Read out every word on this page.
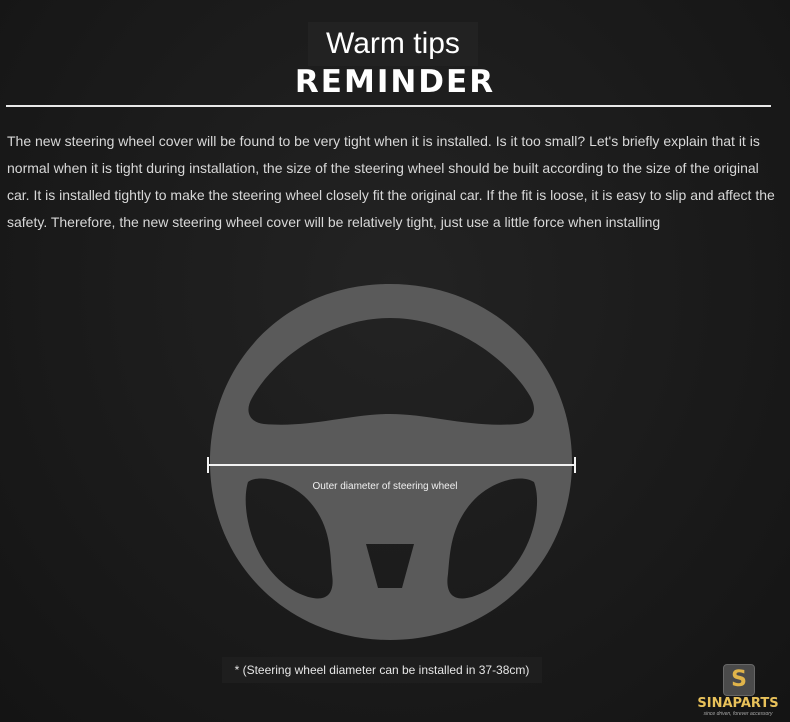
Warm tips
REMINDER

The new steering wheel cover will be found to be very tight when it is installed. Is it too small? Let's briefly explain that it is normal when it is tight during installation, the size of the steering wheel should be built according to the size of the original car. It is installed tightly to make the steering wheel closely fit the original car. If the fit is loose, it is easy to slip and affect the safety. Therefore, the new steering wheel cover will be relatively tight, just use a little force when installing

Outer diameter of steering wheel
* (Steering wheel diameter can be installed in 37-38cm)	S
SINAPARTS
since driven, forever accessory
